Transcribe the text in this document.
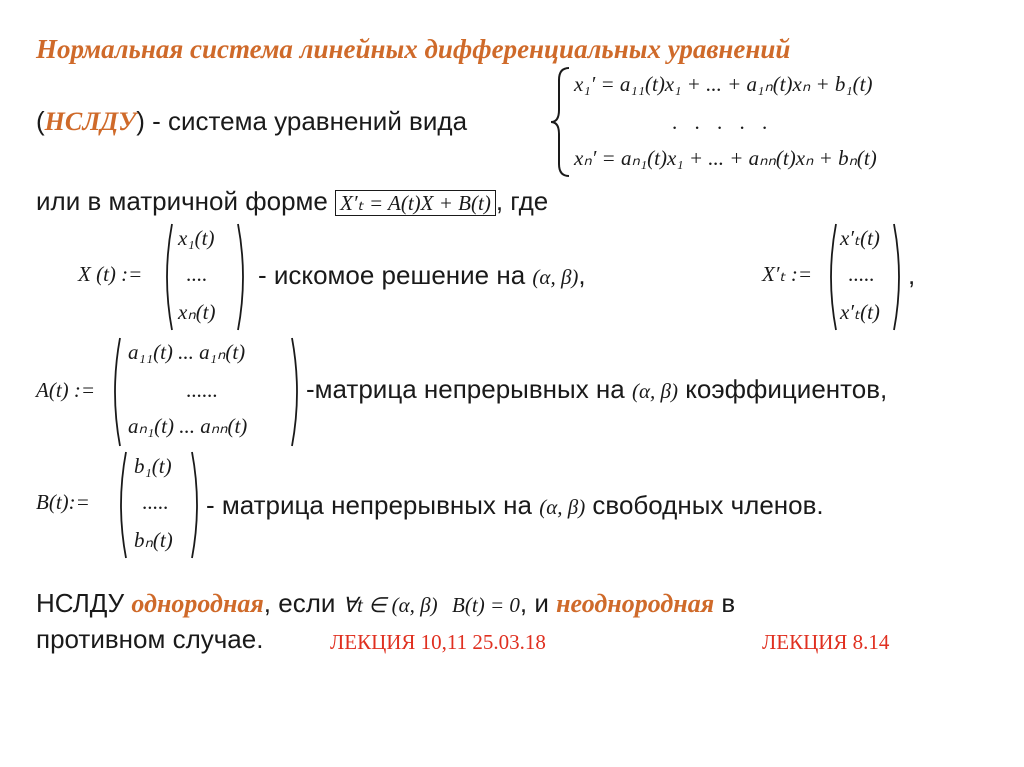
Нормальная система линейных дифференциальных уравнений
(НСЛДУ) - система уравнений вида
x₁′ = a₁₁(t)x₁ + ... + a₁ₙ(t)xₙ + b₁(t)
. . . . .
xₙ′ = aₙ₁(t)x₁ + ... + aₙₙ(t)xₙ + bₙ(t)
или в матричной форме X′ₜ = A(t)X + B(t) , где
X (t) :=
x₁(t)
....
xₙ(t)
- искомое решение на (α, β),	X′ₜ :=
x′ₜ(t)
.....
x′ₜ(t)
,
A(t) :=
a₁₁(t) ... a₁ₙ(t)
......
aₙ₁(t) ... aₙₙ(t)
-матрица непрерывных на (α, β) коэффициентов,
B(t):=
b₁(t)
.....
bₙ(t)
- матрица непрерывных на (α, β) свободных членов.
НСЛДУ однородная, если ∀t ∈ (α, β) B(t) = 0, и неоднородная в
противном случае.	ЛЕКЦИЯ 10,11 25.03.18	ЛЕКЦИЯ 8.14
